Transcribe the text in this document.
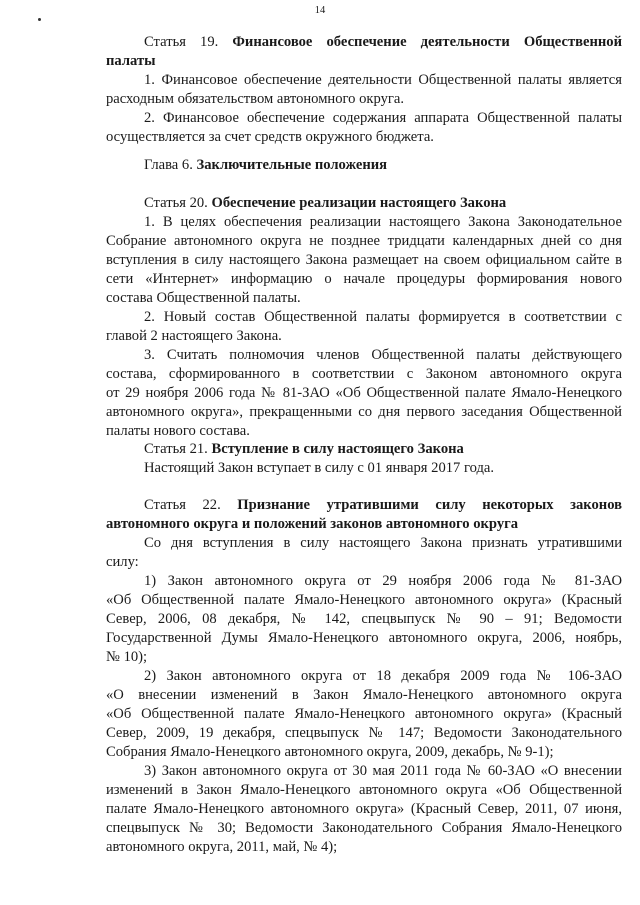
14
Статья 19. Финансовое обеспечение деятельности Общественной
палаты
1. Финансовое обеспечение деятельности Общественной палаты является
расходным обязательством автономного округа.
2. Финансовое обеспечение содержания аппарата Общественной палаты
осуществляется за счет средств окружного бюджета.
Глава 6. Заключительные положения
Статья 20. Обеспечение реализации настоящего Закона
1. В целях обеспечения реализации настоящего Закона Законодательное
Собрание автономного округа не позднее тридцати календарных дней со дня
вступления в силу настоящего Закона размещает на своем официальном сайте в
сети «Интернет» информацию о начале процедуры формирования нового
состава Общественной палаты.
2. Новый состав Общественной палаты формируется в соответствии с
главой 2 настоящего Закона.
3. Считать полномочия членов Общественной палаты действующего
состава, сформированного в соответствии с Законом автономного округа
от 29 ноября 2006 года № 81-ЗАО «Об Общественной палате Ямало-Ненецкого
автономного округа», прекращенными со дня первого заседания Общественной
палаты нового состава.
Статья 21. Вступление в силу настоящего Закона
Настоящий Закон вступает в силу с 01 января 2017 года.
Статья 22. Признание утратившими силу некоторых законов
автономного округа и положений законов автономного округа
Со дня вступления в силу настоящего Закона признать утратившими
силу:
1) Закон автономного округа от 29 ноября 2006 года № 81-ЗАО
«Об Общественной палате Ямало-Ненецкого автономного округа» (Красный
Север, 2006, 08 декабря, № 142, спецвыпуск № 90 – 91; Ведомости
Государственной Думы Ямало-Ненецкого автономного округа, 2006, ноябрь,
№ 10);
2) Закон автономного округа от 18 декабря 2009 года № 106-ЗАО
«О внесении изменений в Закон Ямало-Ненецкого автономного округа
«Об Общественной палате Ямало-Ненецкого автономного округа» (Красный
Север, 2009, 19 декабря, спецвыпуск № 147; Ведомости Законодательного
Собрания Ямало-Ненецкого автономного округа, 2009, декабрь, № 9-1);
3) Закон автономного округа от 30 мая 2011 года № 60-ЗАО «О внесении
изменений в Закон Ямало-Ненецкого автономного округа «Об Общественной
палате Ямало-Ненецкого автономного округа» (Красный Север, 2011, 07 июня,
спецвыпуск № 30; Ведомости Законодательного Собрания Ямало-Ненецкого
автономного округа, 2011, май, № 4);
